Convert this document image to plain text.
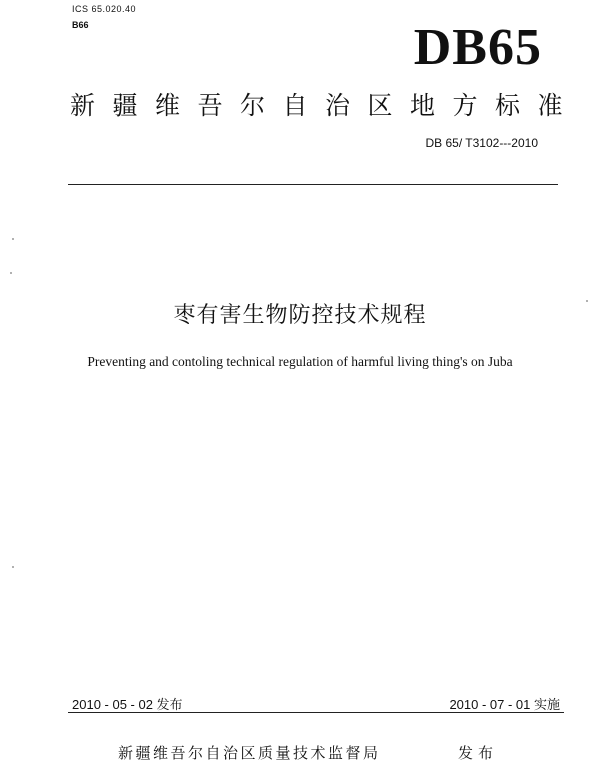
ICS 65.020.40
B66	DB65
新疆维吾尔自治区地方标准
DB 65/ T3102---2010
枣有害生物防控技术规程
Preventing and contoling technical regulation of harmful living thing's on Juba
2010 - 05 - 02 发布	2010 - 07 - 01 实施
新疆维吾尔自治区质量技术监督局	发布
